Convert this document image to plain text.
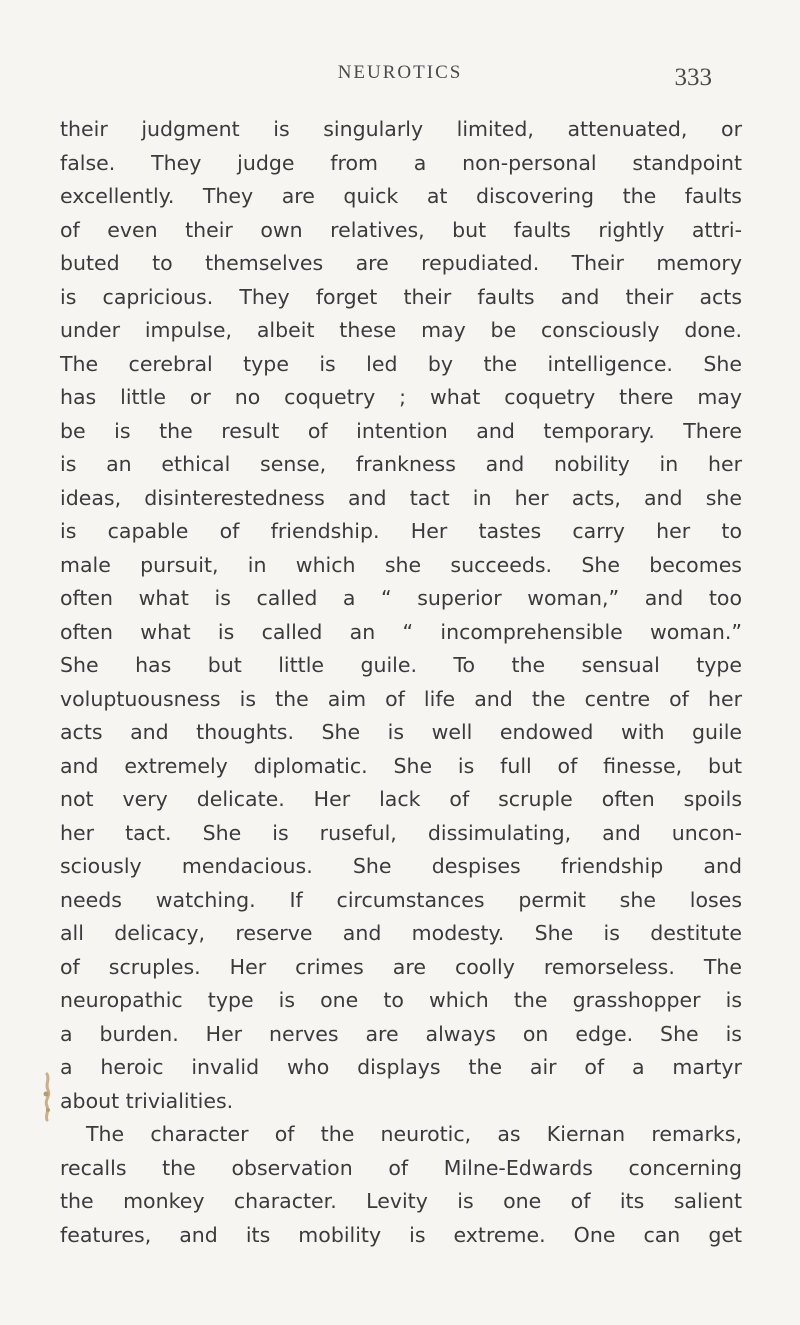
NEUROTICS	333
their judgment is singularly limited, attenuated, or
false. They judge from a non-personal standpoint
excellently. They are quick at discovering the faults
of even their own relatives, but faults rightly attri-
buted to themselves are repudiated. Their memory
is capricious. They forget their faults and their acts
under impulse, albeit these may be consciously done.
The cerebral type is led by the intelligence. She
has little or no coquetry ; what coquetry there may
be is the result of intention and temporary. There
is an ethical sense, frankness and nobility in her
ideas, disinterestedness and tact in her acts, and she
is capable of friendship. Her tastes carry her to
male pursuit, in which she succeeds. She becomes
often what is called a “ superior woman,” and too
often what is called an “ incomprehensible woman.”
She has but little guile. To the sensual type
voluptuousness is the aim of life and the centre of her
acts and thoughts. She is well endowed with guile
and extremely diplomatic. She is full of finesse, but
not very delicate. Her lack of scruple often spoils
her tact. She is ruseful, dissimulating, and uncon-
sciously mendacious. She despises friendship and
needs watching. If circumstances permit she loses
all delicacy, reserve and modesty. She is destitute
of scruples. Her crimes are coolly remorseless. The
neuropathic type is one to which the grasshopper is
a burden. Her nerves are always on edge. She is
a heroic invalid who displays the air of a martyr
about trivialities.
The character of the neurotic, as Kiernan remarks,
recalls the observation of Milne-Edwards concerning
the monkey character. Levity is one of its salient
features, and its mobility is extreme. One can get
